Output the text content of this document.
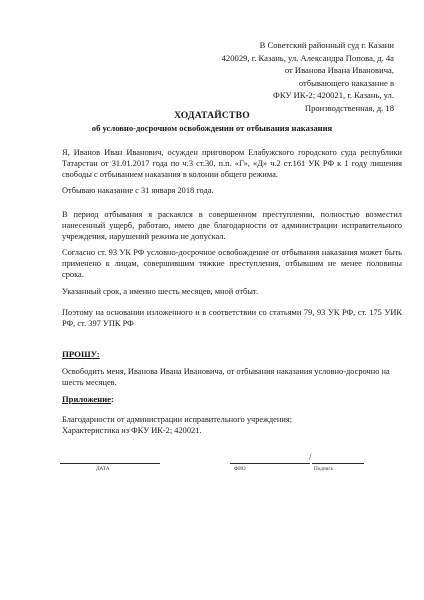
В Советский районный суд г. Казани
420029, г. Казань, ул. Александра Попова, д. 4а
от Иванова Ивана Ивановича,
отбывающего наказание в
ФКУ ИК-2; 420021, г. Казань, ул.
Производственная, д. 18
ХОДАТАЙСТВО
об условно-досрочном освобождении от отбывания наказания
Я, Иванов Иван Иванович, осужден приговором Елабужского городского суда республики Татарстан от 31.01.2017 года по ч.3 ст.30, п.п. «Г», «Д» ч.2 ст.161 УК РФ к 1 году лишения свободы с отбыванием наказания в колонии общего режима.
Отбываю наказание с 31 января 2018 года.
В период отбывания я раскаялся в совершенном преступлении, полностью возместил нанесенный ущерб, работаю, имею две благодарности от администрации исправительного учреждения, нарушений режима не допускал.
Согласно ст. 93 УК РФ условно-досрочное освобождение от отбывания наказания может быть применено к лицам, совершившим тяжкие преступления, отбывшим не менее половины срока.
Указанный срок, а именно шесть месяцев, мной отбыт.
Поэтому на основании изложенного и в соответствии со статьями 79, 93 УК РФ, ст. 175 УИК РФ, ст. 397 УПК РФ
ПРОШУ:
Освободить меня, Иванова Ивана Ивановича, от отбывания наказания условно-досрочно на шесть месяцев.
Приложение:
Благодарности от администрации исправительного учреждения;
Характеристика из ФКУ ИК-2; 420021.
/
ДАТА	ФИО	Подпись
